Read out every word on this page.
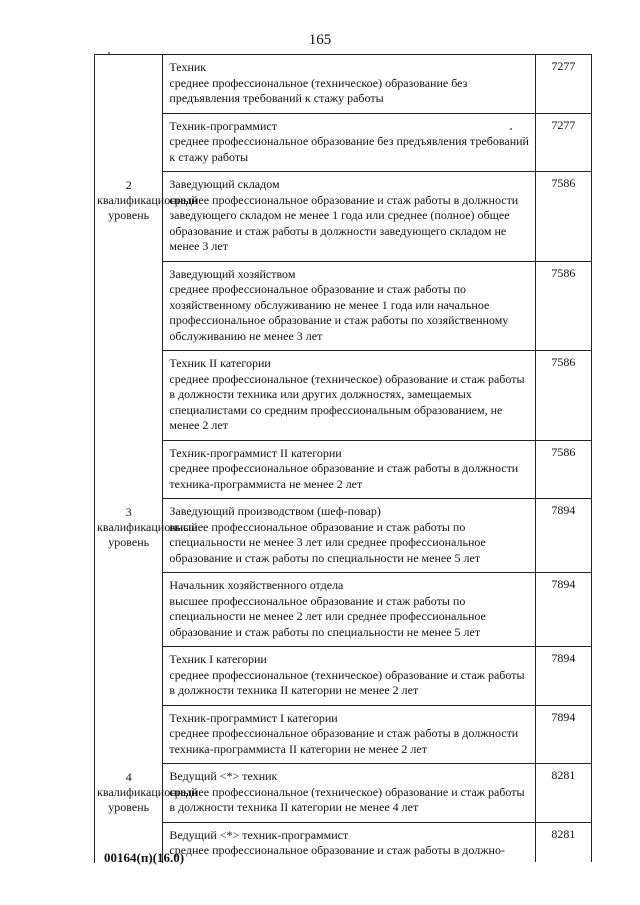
165

	Техник
среднее профессиональное (техническое) образование без предъявления требований к стажу работы	7277

	Техник-программист
среднее профессиональное образование без предъявления требований к стажу работы	7277

2 квалификационный уровень	Заведующий складом
среднее профессиональное образование и стаж работы в должности заведующего складом не менее 1 года или среднее (полное) общее образование и стаж работы в должности заведующего складом не менее 3 лет	7586

	Заведующий хозяйством
среднее профессиональное образование и стаж работы по хозяйственному обслуживанию не менее 1 года или начальное профессиональное образование и стаж работы по хозяйственному обслуживанию не менее 3 лет	7586

	Техник II категории
среднее профессиональное (техническое) образование и стаж работы в должности техника или других должностях, замещаемых специалистами со средним профессиональным образованием, не менее 2 лет	7586

	Техник-программист II категории
среднее профессиональное образование и стаж работы в должности техника-программиста не менее 2 лет	7586

3 квалификационный уровень	Заведующий производством (шеф-повар)
высшее профессиональное образование и стаж работы по специальности не менее 3 лет или среднее профессиональное образование и стаж работы по специальности не менее 5 лет	7894

	Начальник хозяйственного отдела
высшее профессиональное образование и стаж работы по специальности не менее 2 лет или среднее профессиональное образование и стаж работы по специальности не менее 5 лет	7894

	Техник I категории
среднее профессиональное (техническое) образование и стаж работы в должности техника II категории не менее 2 лет	7894

	Техник-программист I категории
среднее профессиональное образование и стаж работы в должности техника-программиста II категории не менее 2 лет	7894

4 квалификационный уровень	Ведущий <*> техник
среднее профессиональное (техническое) образование и стаж работы в должности техника II категории не менее 4 лет	8281

	Ведущий <*> техник-программист
среднее профессиональное образование и стаж работы в должно-	8281
00164(п)(16.0)
